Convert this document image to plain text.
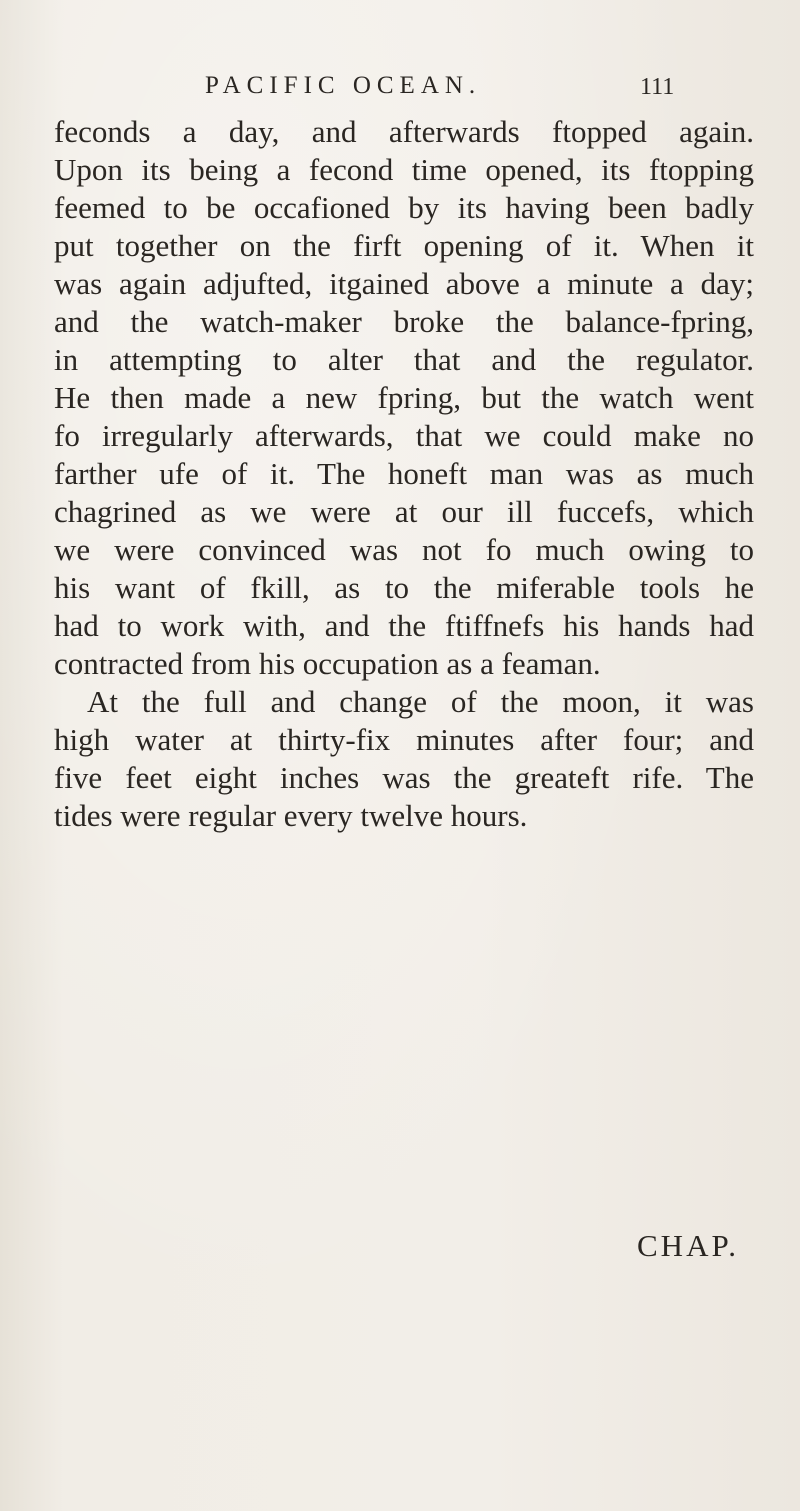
PACIFIC OCEAN.	111
feconds a day, and afterwards ftopped again.
Upon its being a fecond time opened, its ftopping
feemed to be occafioned by its having been badly
put together on the firft opening of it. When it
was again adjufted, itgained above a minute a day;
and the watch-maker broke the balance-fpring,
in attempting to alter that and the regulator.
He then made a new fpring, but the watch went
fo irregularly afterwards, that we could make no
farther ufe of it. The honeft man was as much
chagrined as we were at our ill fuccefs, which
we were convinced was not fo much owing to
his want of fkill, as to the miferable tools he
had to work with, and the ftiffnefs his hands had
contracted from his occupation as a feaman.
At the full and change of the moon, it was
high water at thirty-fix minutes after four; and
five feet eight inches was the greateft rife. The
tides were regular every twelve hours.
CHAP.
